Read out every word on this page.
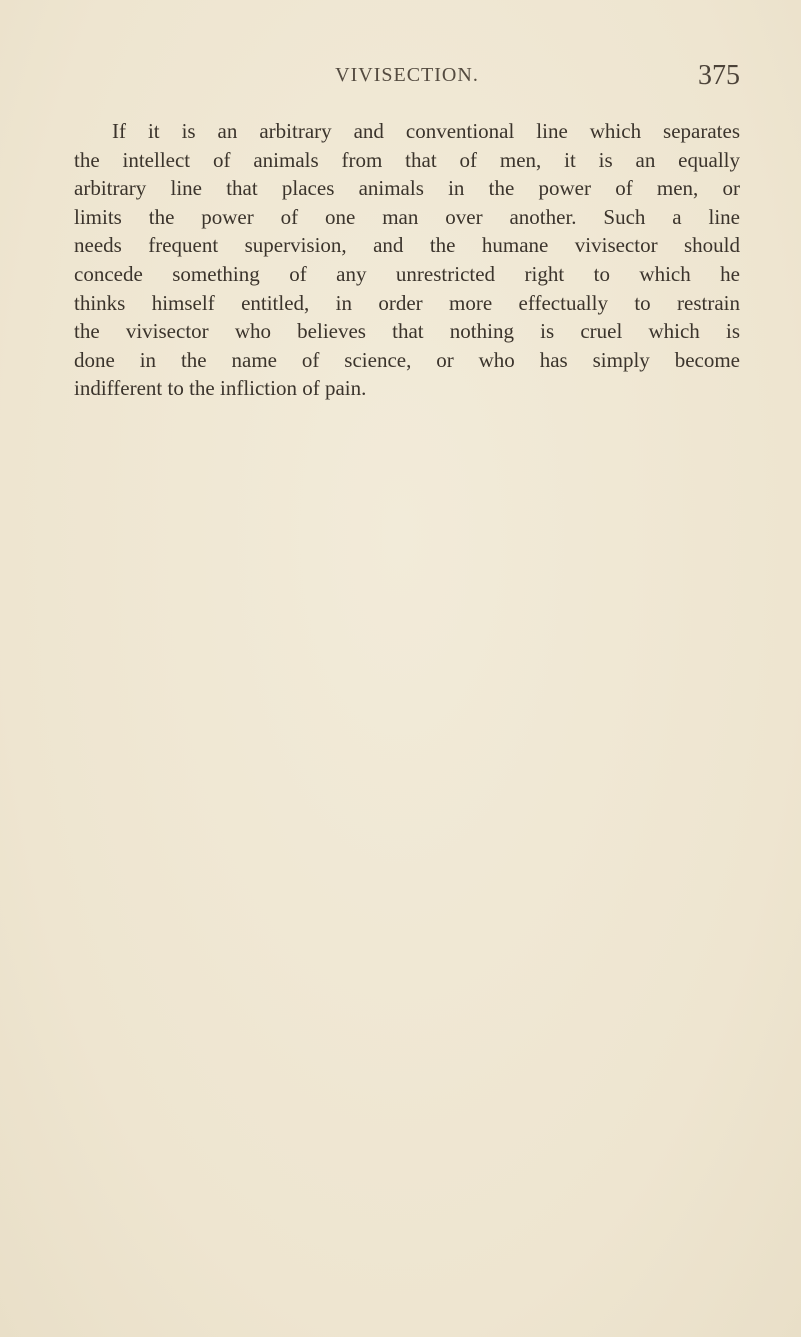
VIVISECTION.	375
If it is an arbitrary and conventional line which separates
the intellect of animals from that of men, it is an equally
arbitrary line that places animals in the power of men, or
limits the power of one man over another. Such a line
needs frequent supervision, and the humane vivisector should
concede something of any unrestricted right to which he
thinks himself entitled, in order more effectually to restrain
the vivisector who believes that nothing is cruel which is
done in the name of science, or who has simply become
indifferent to the infliction of pain.
